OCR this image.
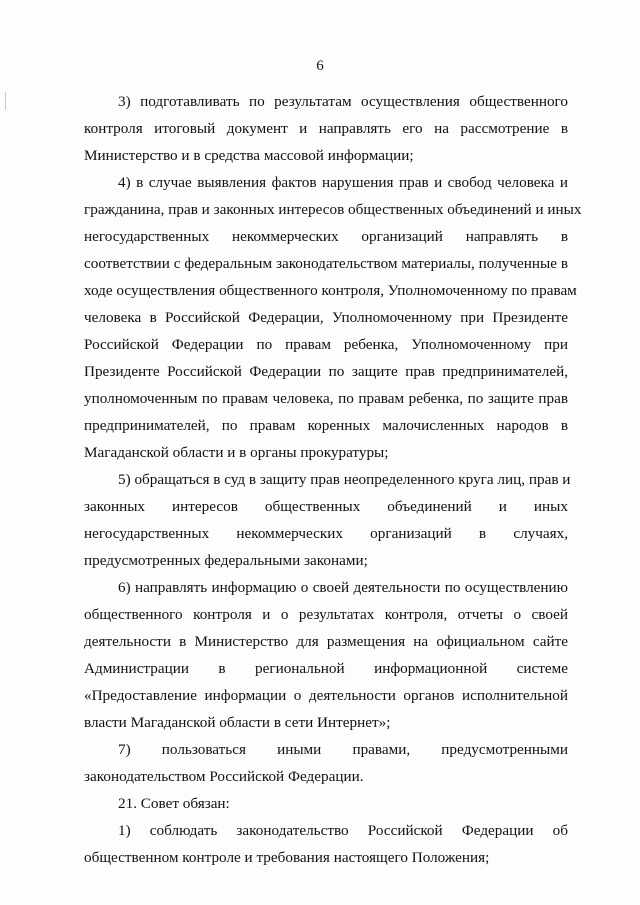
6
3) подготавливать по результатам осуществления общественного
контроля итоговый документ и направлять его на рассмотрение в
Министерство и в средства массовой информации;
4) в случае выявления фактов нарушения прав и свобод человека и
гражданина, прав и законных интересов общественных объединений и иных
негосударственных некоммерческих организаций направлять в
соответствии с федеральным законодательством материалы, полученные в
ходе осуществления общественного контроля, Уполномоченному по правам
человека в Российской Федерации, Уполномоченному при Президенте
Российской Федерации по правам ребенка, Уполномоченному при
Президенте Российской Федерации по защите прав предпринимателей,
уполномоченным по правам человека, по правам ребенка, по защите прав
предпринимателей, по правам коренных малочисленных народов в
Магаданской области и в органы прокуратуры;
5) обращаться в суд в защиту прав неопределенного круга лиц, прав и
законных интересов общественных объединений и иных
негосударственных некоммерческих организаций в случаях,
предусмотренных федеральными законами;
6) направлять информацию о своей деятельности по осуществлению
общественного контроля и о результатах контроля, отчеты о своей
деятельности в Министерство для размещения на официальном сайте
Администрации в региональной информационной системе
«Предоставление информации о деятельности органов исполнительной
власти Магаданской области в сети Интернет»;
7) пользоваться иными правами, предусмотренными
законодательством Российской Федерации.
21. Совет обязан:
1) соблюдать законодательство Российской Федерации об
общественном контроле и требования настоящего Положения;
